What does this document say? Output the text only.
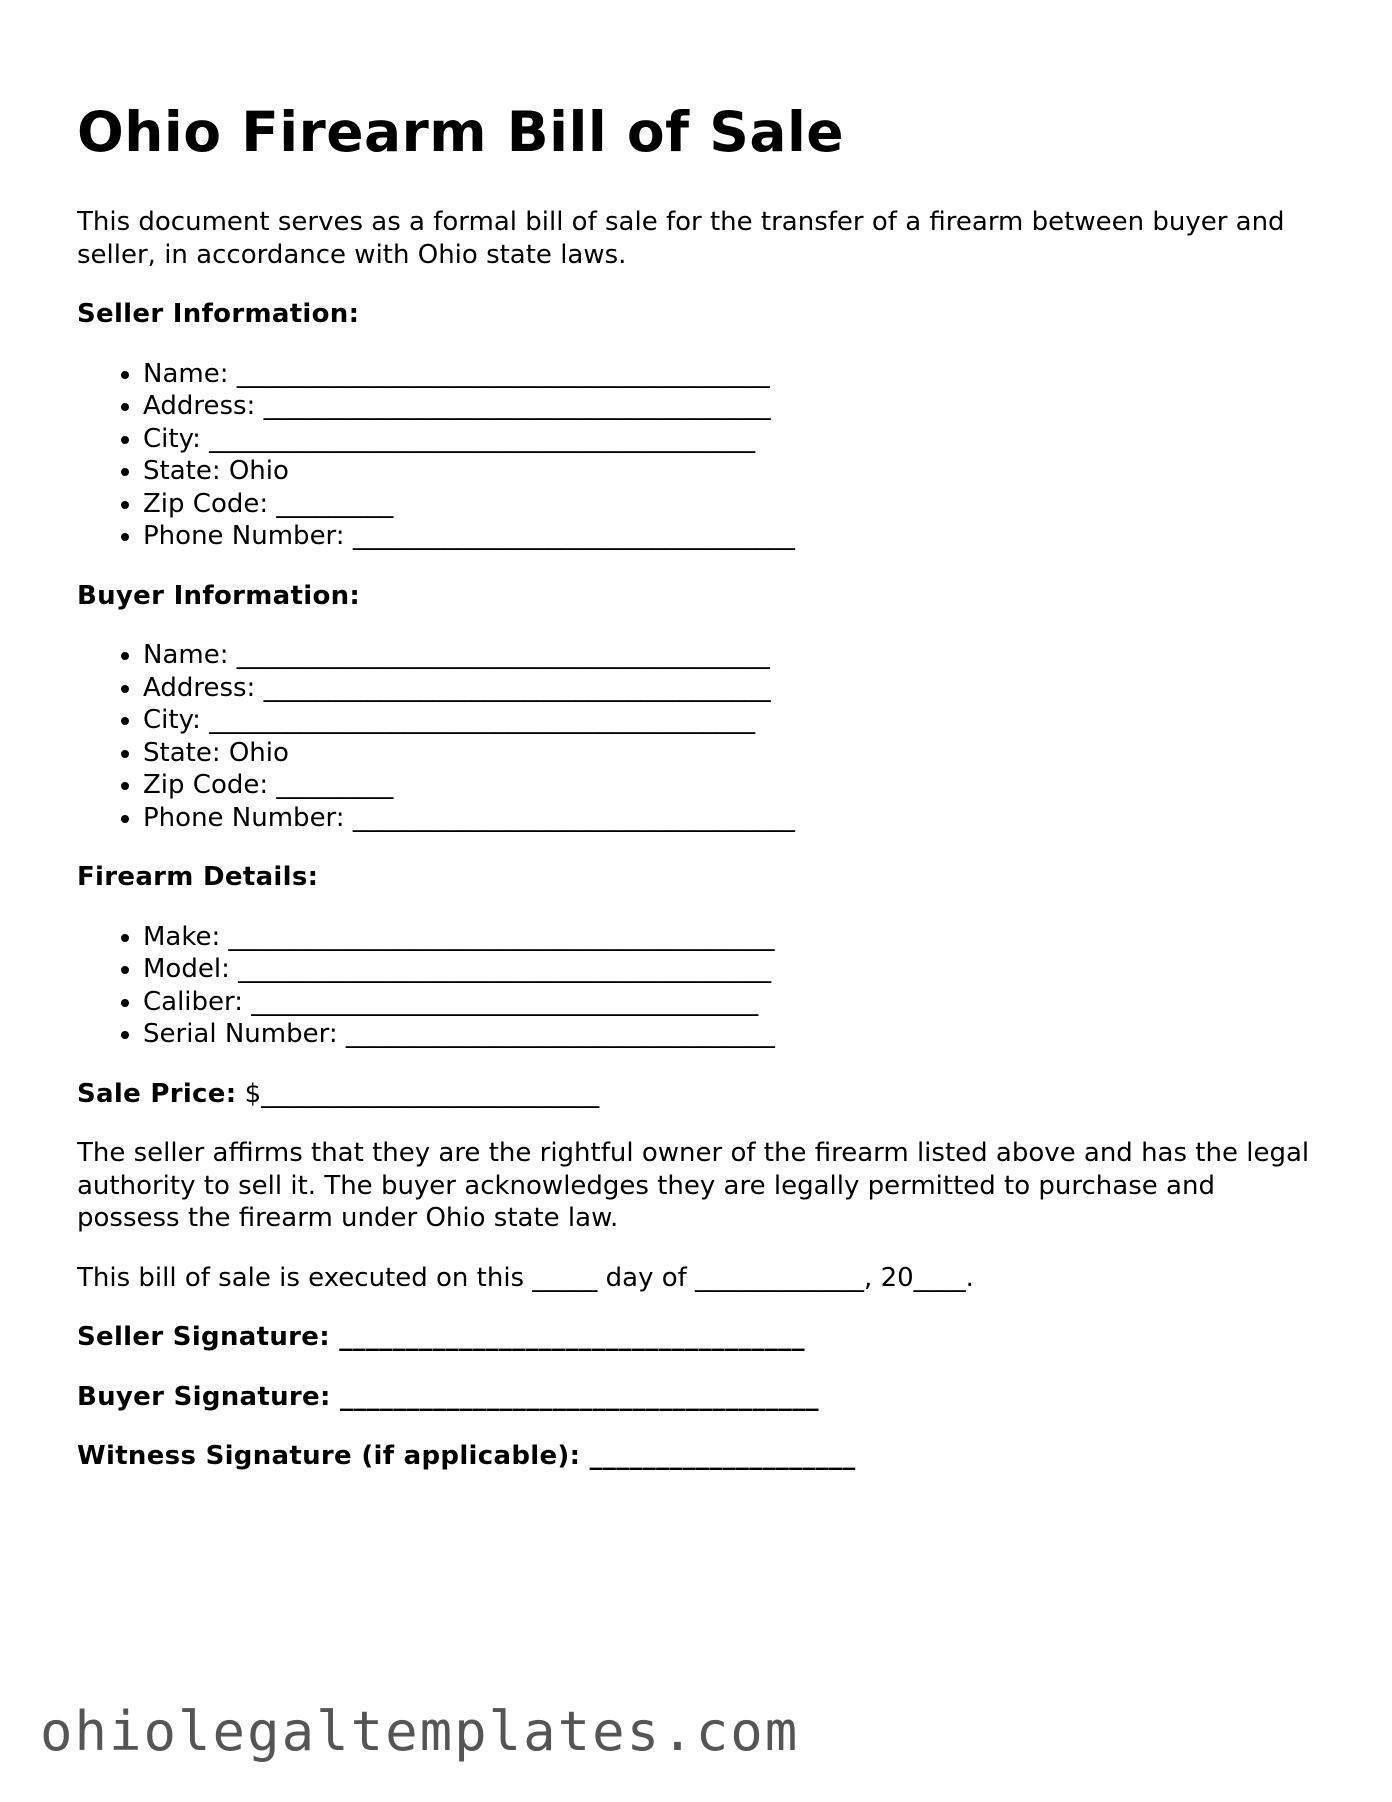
Ohio Firearm Bill of Sale

This document serves as a formal bill of sale for the transfer of a firearm between buyer and seller, in accordance with Ohio state laws.

Seller Information:

• Name: _________________________________________
• Address: _______________________________________
• City: __________________________________________
• State: Ohio
• Zip Code: _________
• Phone Number: __________________________________

Buyer Information:

• Name: _________________________________________
• Address: _______________________________________
• City: __________________________________________
• State: Ohio
• Zip Code: _________
• Phone Number: __________________________________

Firearm Details:

• Make: __________________________________________
• Model: _________________________________________
• Caliber: _______________________________________
• Serial Number: _________________________________

Sale Price: $__________________________

The seller affirms that they are the rightful owner of the firearm listed above and has the legal authority to sell it. The buyer acknowledges they are legally permitted to purchase and possess the firearm under Ohio state law.

This bill of sale is executed on this _____ day of _____________, 20____.

Seller Signature: ___________________________________

Buyer Signature: ____________________________________

Witness Signature (if applicable): ____________________

ohiolegaltemplates.com
